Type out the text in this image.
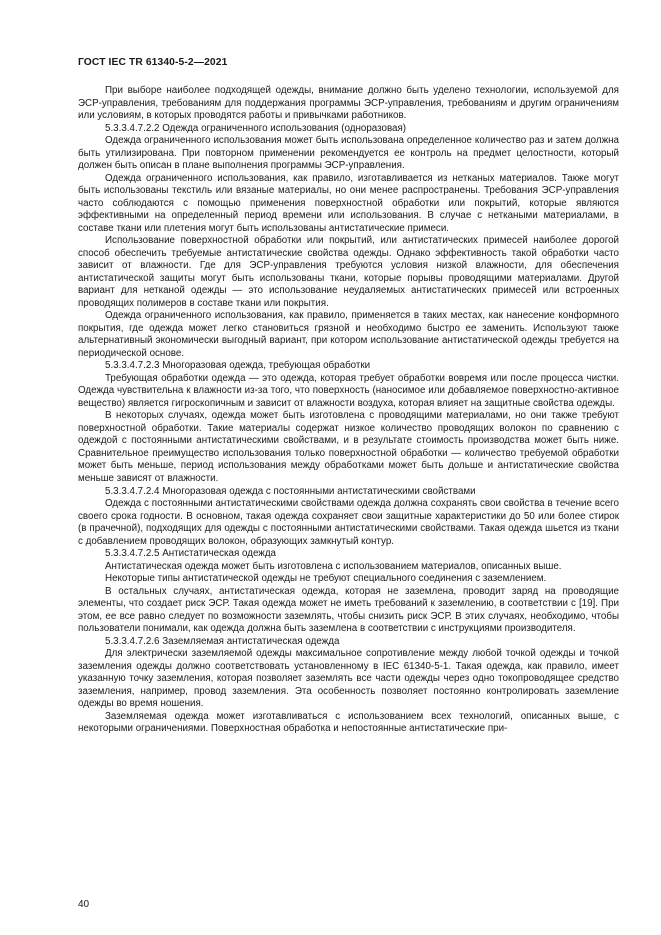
ГОСТ IEC TR 61340-5-2—2021

При выборе наиболее подходящей одежды, внимание должно быть уделено технологии, используемой для ЭСР-управления, требованиям для поддержания программы ЭСР-управления, требованиям и другим ограничениям или условиям, в которых проводятся работы и привычками работников.

5.3.3.4.7.2.2 Одежда ограниченного использования (одноразовая)

Одежда ограниченного использования может быть использована определенное количество раз и затем должна быть утилизирована. При повторном применении рекомендуется ее контроль на предмет целостности, который должен быть описан в плане выполнения программы ЭСР-управления.

Одежда ограниченного использования, как правило, изготавливается из нетканых материалов. Также могут быть использованы текстиль или вязаные материалы, но они менее распространены. Требования ЭСР-управления часто соблюдаются с помощью применения поверхностной обработки или покрытий, которые являются эффективными на определенный период времени или использования. В случае с неткаными материалами, в составе ткани или плетения могут быть использованы антистатические примеси.

Использование поверхностной обработки или покрытий, или антистатических примесей наиболее дорогой способ обеспечить требуемые антистатические свойства одежды. Однако эффективность такой обработки часто зависит от влажности. Где для ЭСР-управления требуются условия низкой влажности, для обеспечения антистатической защиты могут быть использованы ткани, которые порывы проводящими материалами. Другой вариант для нетканой одежды — это использование неудаляемых антистатических примесей или встроенных проводящих полимеров в составе ткани или покрытия.

Одежда ограниченного использования, как правило, применяется в таких местах, как нанесение конформного покрытия, где одежда может легко становиться грязной и необходимо быстро ее заменить. Используют также альтернативный экономически выгодный вариант, при котором использование антистатической одежды требуется на периодической основе.

5.3.3.4.7.2.3 Многоразовая одежда, требующая обработки

Требующая обработки одежда — это одежда, которая требует обработки вовремя или после процесса чистки. Одежда чувствительна к влажности из-за того, что поверхность (наносимое или добавляемое поверхностно-активное вещество) является гигроскопичным и зависит от влажности воздуха, которая влияет на защитные свойства одежды.

В некоторых случаях, одежда может быть изготовлена с проводящими материалами, но они также требуют поверхностной обработки. Такие материалы содержат низкое количество проводящих волокон по сравнению с одеждой с постоянными антистатическими свойствами, и в результате стоимость производства может быть ниже. Сравнительное преимущество использования только поверхностной обработки — количество требуемой обработки может быть меньше, период использования между обработками может быть дольше и антистатические свойства меньше зависят от влажности.

5.3.3.4.7.2.4 Многоразовая одежда с постоянными антистатическими свойствами

Одежда с постоянными антистатическими свойствами одежда должна сохранять свои свойства в течение всего своего срока годности. В основном, такая одежда сохраняет свои защитные характеристики до 50 или более стирок (в прачечной), подходящих для одежды с постоянными антистатическими свойствами. Такая одежда шьется из ткани с добавлением проводящих волокон, образующих замкнутый контур.

5.3.3.4.7.2.5 Антистатическая одежда

Антистатическая одежда может быть изготовлена с использованием материалов, описанных выше.

Некоторые типы антистатической одежды не требуют специального соединения с заземлением.

В остальных случаях, антистатическая одежда, которая не заземлена, проводит заряд на проводящие элементы, что создает риск ЭСР. Такая одежда может не иметь требований к заземлению, в соответствии с [19]. При этом, ее все равно следует по возможности заземлять, чтобы снизить риск ЭСР. В этих случаях, необходимо, чтобы пользователи понимали, как одежда должна быть заземлена в соответствии с инструкциями производителя.

5.3.3.4.7.2.6 Заземляемая антистатическая одежда

Для электрически заземляемой одежды максимальное сопротивление между любой точкой одежды и точкой заземления одежды должно соответствовать установленному в IEC 61340-5-1. Такая одежда, как правило, имеет указанную точку заземления, которая позволяет заземлять все части одежды через одно токопроводящее средство заземления, например, провод заземления. Эта особенность позволяет постоянно контролировать заземление одежды во время ношения.

Заземляемая одежда может изготавливаться с использованием всех технологий, описанных выше, с некоторыми ограничениями. Поверхностная обработка и непостоянные антистатические при-

40
